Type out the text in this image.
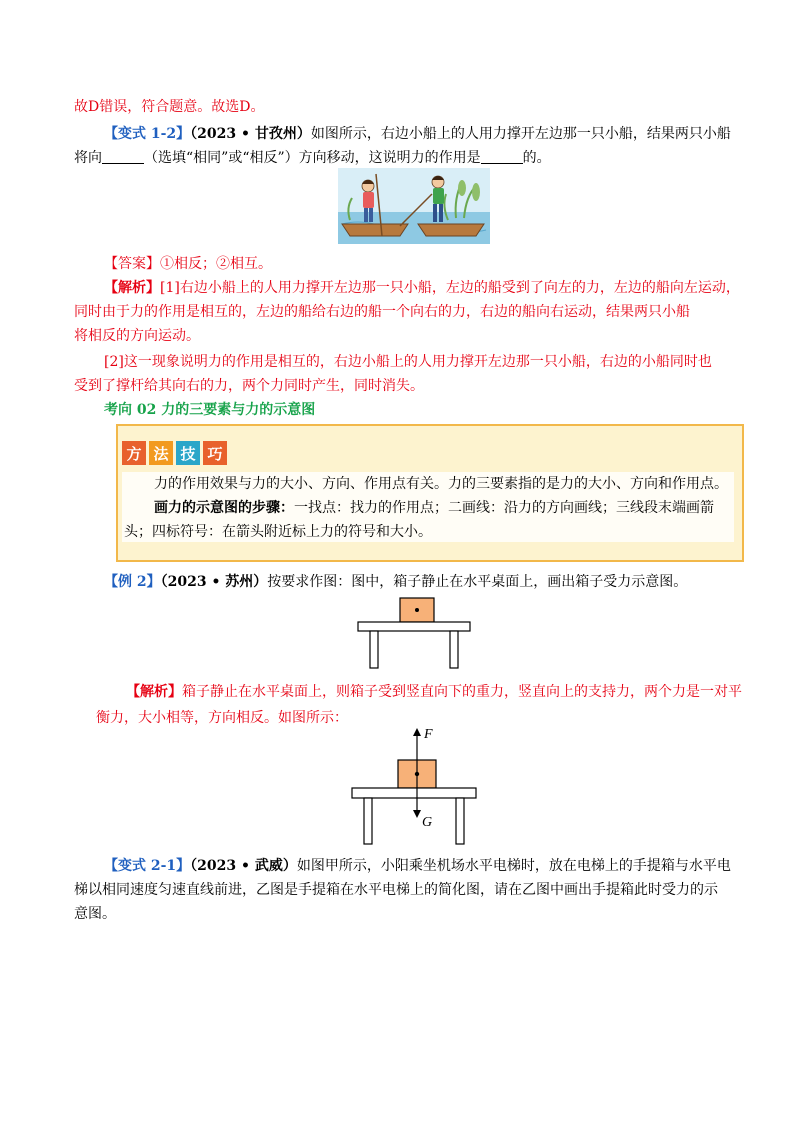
故D错误，符合题意。故选D。
【变式 1-2】（2023 • 甘孜州）如图所示，右边小船上的人用力撑开左边那一只小船，结果两只小船
将向	（选填“相同”或“相反”）方向移动，这说明力的作用是	的。
【答案】①相反；②相互。
【解析】[1]右边小船上的人用力撑开左边那一只小船，左边的船受到了向左的力，左边的船向左运动，
同时由于力的作用是相互的，左边的船给右边的船一个向右的力，右边的船向右运动，结果两只小船
将相反的方向运动。
[2]这一现象说明力的作用是相互的，右边小船上的人用力撑开左边那一只小船，右边的小船同时也
受到了撑杆给其向右的力，两个力同时产生，同时消失。
考向 02 力的三要素与力的示意图
方 法 技 巧
力的作用效果与力的大小、方向、作用点有关。力的三要素指的是力的大小、方向和作用点。
画力的示意图的步骤：一找点：找力的作用点；二画线：沿力的方向画线；三线段末端画箭
头；四标符号：在箭头附近标上力的符号和大小。
【例 2】（2023 • 苏州）按要求作图：图中，箱子静止在水平桌面上，画出箱子受力示意图。
【解析】箱子静止在水平桌面上，则箱子受到竖直向下的重力，竖直向上的支持力，两个力是一对平
衡力，大小相等，方向相反。如图所示：
F
G
【变式 2-1】（2023 • 武威）如图甲所示，小阳乘坐机场水平电梯时，放在电梯上的手提箱与水平电
梯以相同速度匀速直线前进，乙图是手提箱在水平电梯上的简化图，请在乙图中画出手提箱此时受力的示
意图。
